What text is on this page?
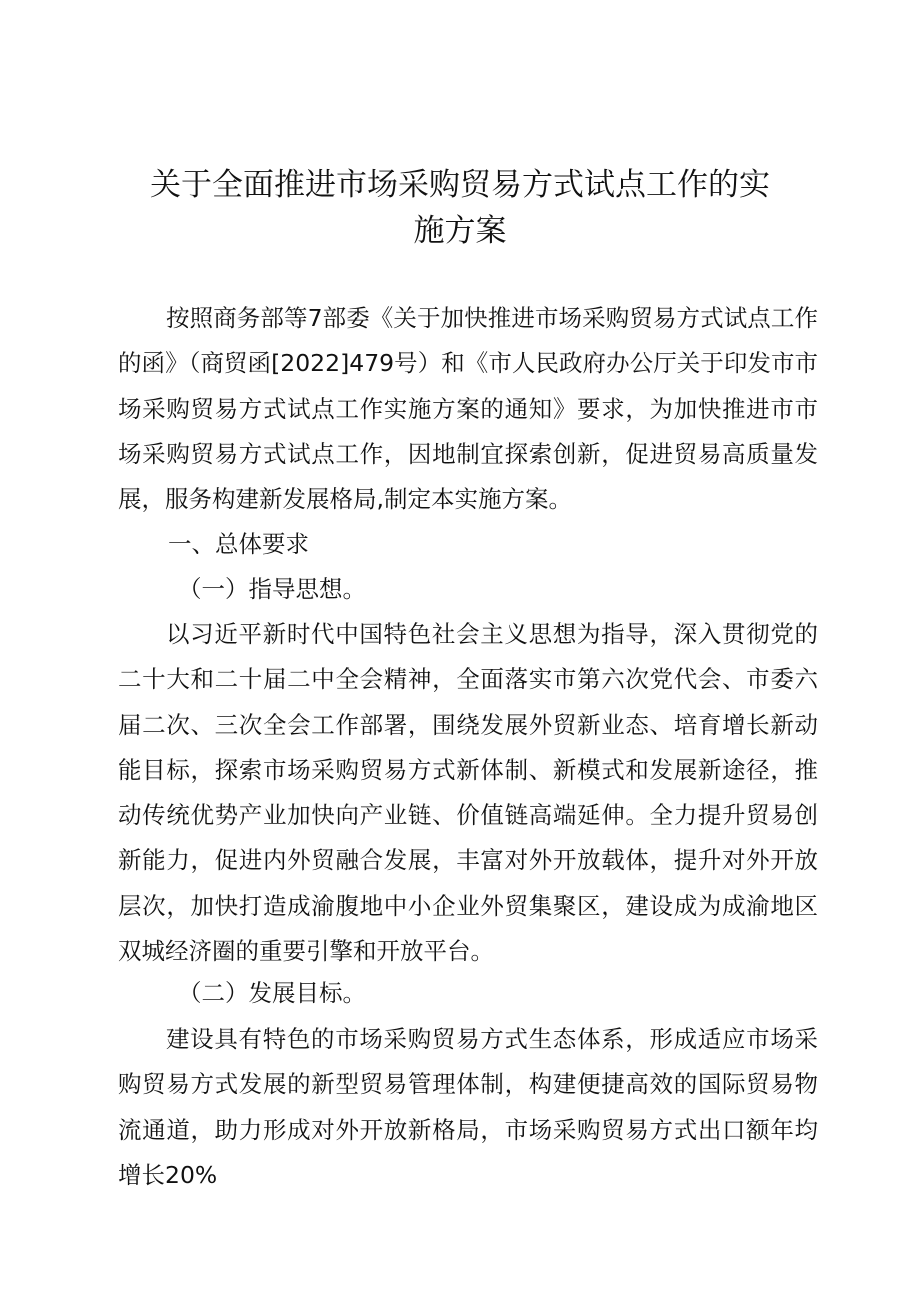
关于全面推进市场采购贸易方式试点工作的实
施方案

按照商务部等7部委《关于加快推进市场采购贸易方式试点工作的函》（商贸函[2022]479号）和《市人民政府办公厅关于印发市市场采购贸易方式试点工作实施方案的通知》要求，为加快推进市市场采购贸易方式试点工作，因地制宜探索创新，促进贸易高质量发展，服务构建新发展格局,制定本实施方案。

一、总体要求

（一）指导思想。

以习近平新时代中国特色社会主义思想为指导，深入贯彻党的二十大和二十届二中全会精神，全面落实市第六次党代会、市委六届二次、三次全会工作部署，围绕发展外贸新业态、培育增长新动能目标，探索市场采购贸易方式新体制、新模式和发展新途径，推动传统优势产业加快向产业链、价值链高端延伸。全力提升贸易创新能力，促进内外贸融合发展，丰富对外开放载体，提升对外开放层次，加快打造成渝腹地中小企业外贸集聚区，建设成为成渝地区双城经济圈的重要引擎和开放平台。

（二）发展目标。

建设具有特色的市场采购贸易方式生态体系，形成适应市场采购贸易方式发展的新型贸易管理体制，构建便捷高效的国际贸易物流通道，助力形成对外开放新格局，市场采购贸易方式出口额年均增长20%
